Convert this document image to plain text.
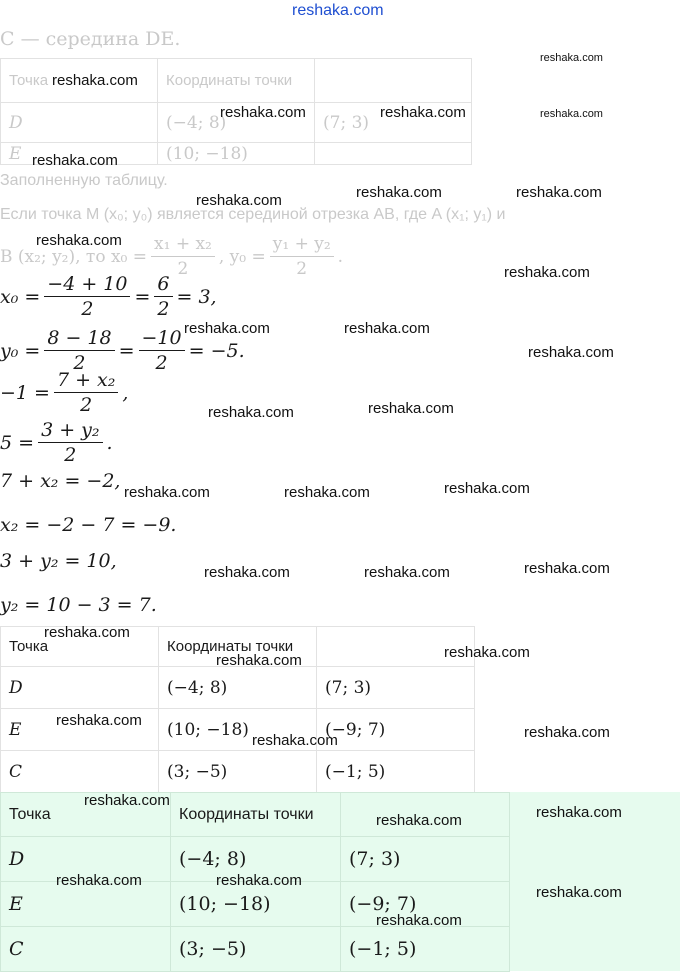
reshaka.com
C — середина DE.
Точка	Координаты точки	
D	(−4; 8)	(7; 3)
E	(10; −18)	
Заполненную таблицу.
Если точка M (x₀; y₀) является серединой отрезка AB, где A (x₁; y₁) и
B (x₂; y₂), то $x_0 = \frac{\text{x₁ + x₂}}{2}$ , $y_0 = \frac{\text{y₁ + y₂}}{2}$ .
$x_0 = \frac{-4 + 10}{2} = \frac{6}{2} = 3$,
$y_0 = \frac{8 - 18}{2} = \frac{-10}{2} = -5$.
$-1 = \frac{\text{7 + x₂}}{2}$ ,
$5 = \frac{\text{3 + y₂}}{2}$ .
7 + x₂ = −2,
x₂ = −2 − 7 = −9.
3 + y₂ = 10,
y₂ = 10 − 3 = 7.
Точка	Координаты точки	
D	(−4; 8)	(7; 3)
E	(10; −18)	(−9; 7)
C	(3; −5)	(−1; 5)
Точка	Координаты точки	
D	(−4; 8)	(7; 3)
E	(10; −18)	(−9; 7)
C	(3; −5)	(−1; 5)
reshaka.com
reshaka.com
reshaka.com	reshaka.com	reshaka.com
reshaka.com
reshaka.com	reshaka.com	reshaka.com
reshaka.com
reshaka.com
reshaka.com	reshaka.com
reshaka.com
reshaka.com	reshaka.com
reshaka.com	reshaka.com	reshaka.com
reshaka.com	reshaka.com	reshaka.com
reshaka.com
reshaka.com
reshaka.com
reshaka.com
reshaka.com
reshaka.com
reshaka.com
reshaka.com
reshaka.com
reshaka.com	reshaka.com
reshaka.com
reshaka.com
